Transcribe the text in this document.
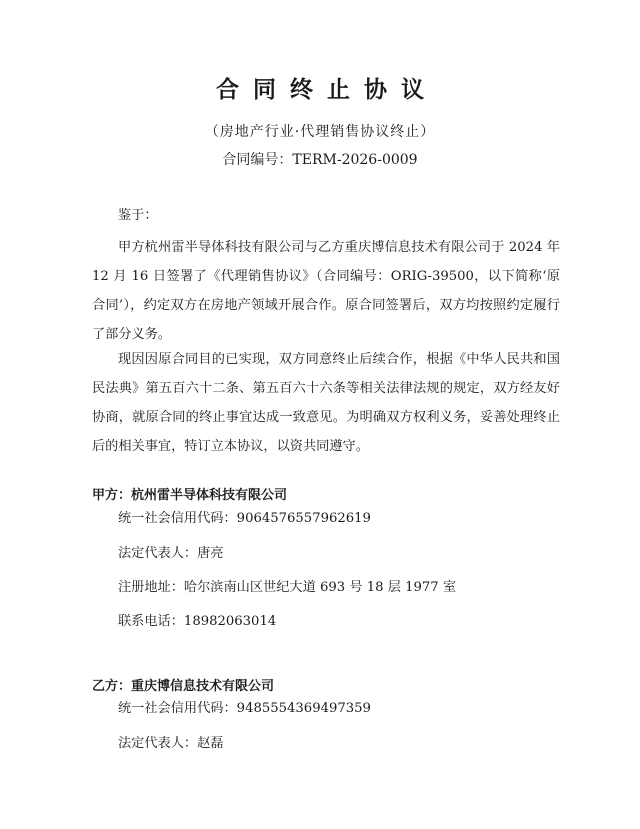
合同终止协议
（房地产行业·代理销售协议终止）
合同编号：TERM-2026-0009
鉴于：
甲方杭州雷半导体科技有限公司与乙方重庆博信息技术有限公司于 2024 年 12 月 16 日签署了《代理销售协议》（合同编号：ORIG-39500，以下简称‘原合同’），约定双方在房地产领域开展合作。原合同签署后，双方均按照约定履行了部分义务。
现因因原合同目的已实现，双方同意终止后续合作，根据《中华人民共和国民法典》第五百六十二条、第五百六十六条等相关法律法规的规定，双方经友好协商，就原合同的终止事宜达成一致意见。为明确双方权利义务，妥善处理终止后的相关事宜，特订立本协议，以资共同遵守。
甲方：杭州雷半导体科技有限公司
统一社会信用代码：9064576557962619
法定代表人：唐亮
注册地址：哈尔滨南山区世纪大道 693 号 18 层 1977 室
联系电话：18982063014
乙方：重庆博信息技术有限公司
统一社会信用代码：9485554369497359
法定代表人：赵磊
